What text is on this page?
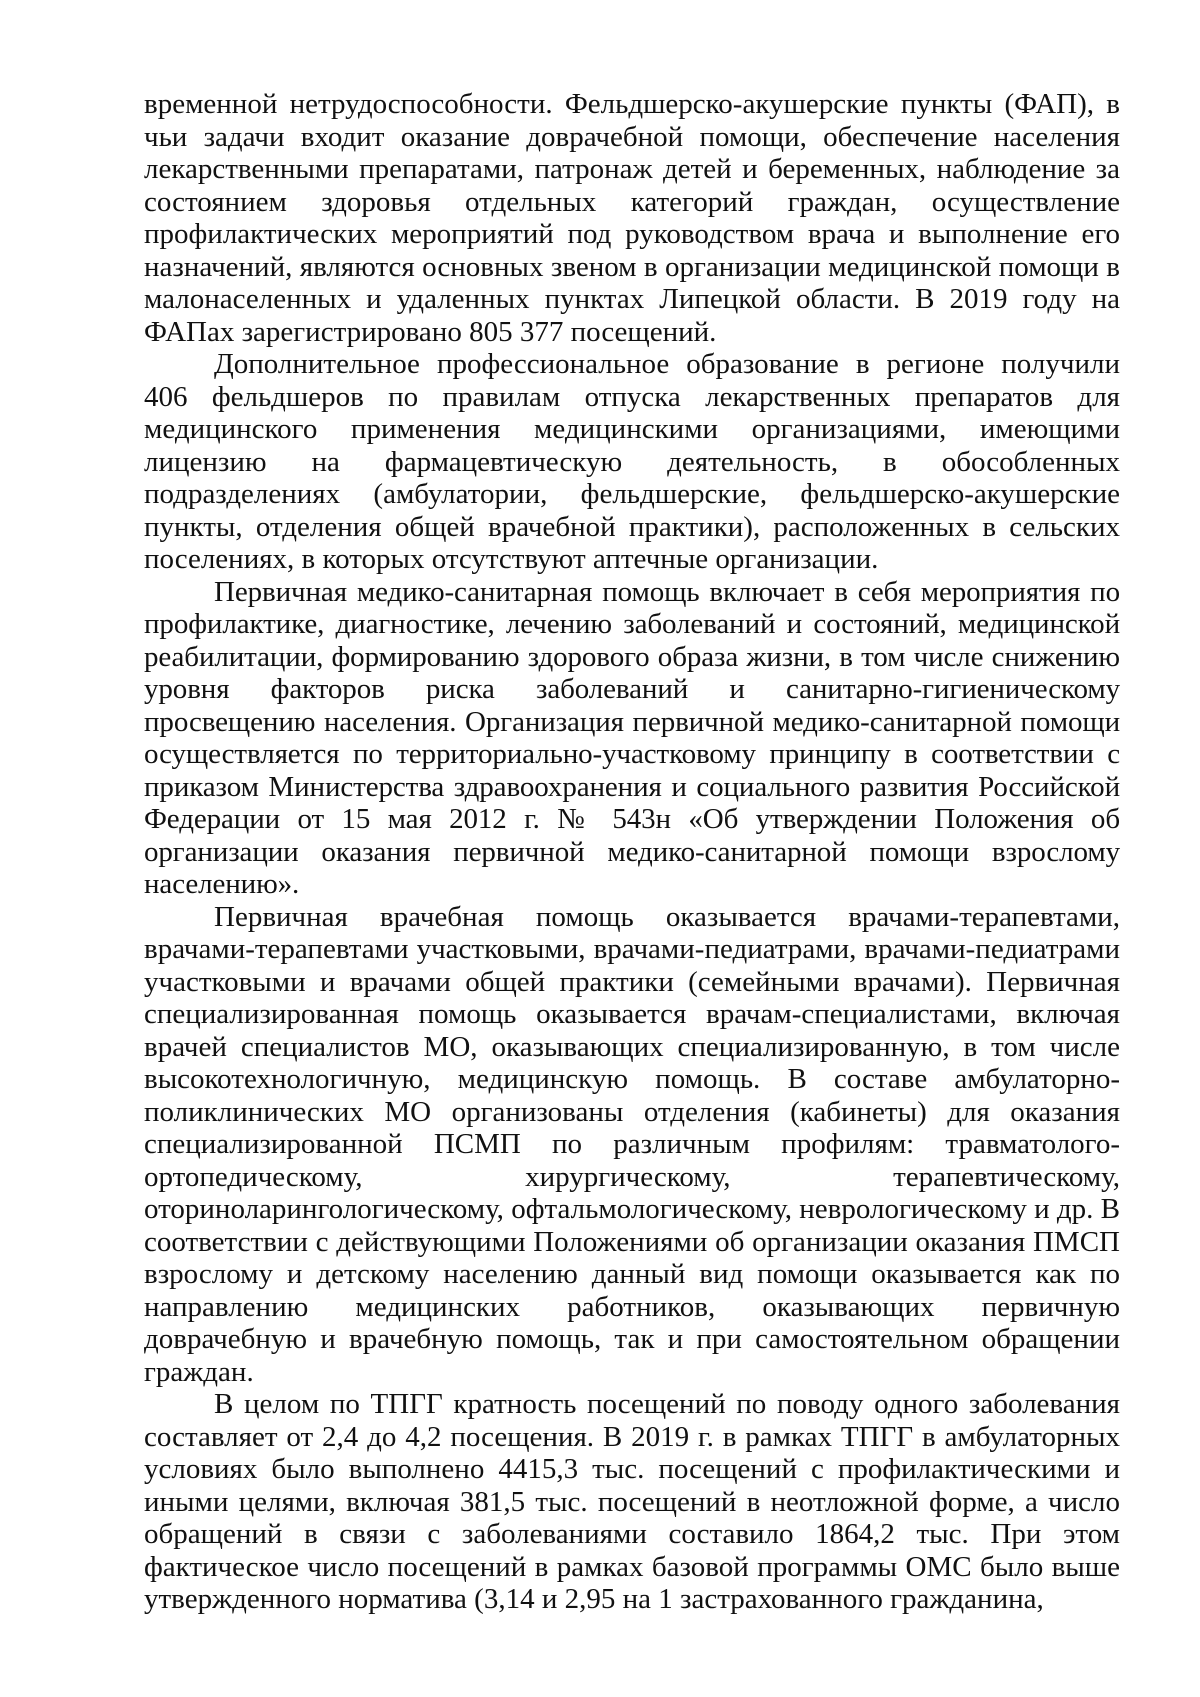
временной нетрудоспособности. Фельдшерско-акушерские пункты (ФАП), в чьи задачи входит оказание доврачебной помощи, обеспечение населения лекарственными препаратами, патронаж детей и беременных, наблюдение за состоянием здоровья отдельных категорий граждан, осуществление профилактических мероприятий под руководством врача и выполнение его назначений, являются основных звеном в организации медицинской помощи в малонаселенных и удаленных пунктах Липецкой области. В 2019 году на ФАПах зарегистрировано 805 377 посещений.

Дополнительное профессиональное образование в регионе получили 406 фельдшеров по правилам отпуска лекарственных препаратов для медицинского применения медицинскими организациями, имеющими лицензию на фармацевтическую деятельность, в обособленных подразделениях (амбулатории, фельдшерские, фельдшерско-акушерские пункты, отделения общей врачебной практики), расположенных в сельских поселениях, в которых отсутствуют аптечные организации.

Первичная медико-санитарная помощь включает в себя мероприятия по профилактике, диагностике, лечению заболеваний и состояний, медицинской реабилитации, формированию здорового образа жизни, в том числе снижению уровня факторов риска заболеваний и санитарно-гигиеническому просвещению населения. Организация первичной медико-санитарной помощи осуществляется по территориально-участковому принципу в соответствии с приказом Министерства здравоохранения и социального развития Российской Федерации от 15 мая 2012 г. № 543н «Об утверждении Положения об организации оказания первичной медико-санитарной помощи взрослому населению».

Первичная врачебная помощь оказывается врачами-терапевтами, врачами-терапевтами участковыми, врачами-педиатрами, врачами-педиатрами участковыми и врачами общей практики (семейными врачами). Первичная специализированная помощь оказывается врачам-специалистами, включая врачей специалистов МО, оказывающих специализированную, в том числе высокотехнологичную, медицинскую помощь. В составе амбулаторно-поликлинических МО организованы отделения (кабинеты) для оказания специализированной ПСМП по различным профилям: травматолого-ортопедическому, хирургическому, терапевтическому, оториноларингологическому, офтальмологическому, неврологическому и др. В соответствии с действующими Положениями об организации оказания ПМСП взрослому и детскому населению данный вид помощи оказывается как по направлению медицинских работников, оказывающих первичную доврачебную и врачебную помощь, так и при самостоятельном обращении граждан.

В целом по ТПГГ кратность посещений по поводу одного заболевания составляет от 2,4 до 4,2 посещения. В 2019 г. в рамках ТПГГ в амбулаторных условиях было выполнено 4415,3 тыс. посещений с профилактическими и иными целями, включая 381,5 тыс. посещений в неотложной форме, а число обращений в связи с заболеваниями составило 1864,2 тыс. При этом фактическое число посещений в рамках базовой программы ОМС было выше утвержденного норматива (3,14 и 2,95 на 1 застрахованного гражданина,
